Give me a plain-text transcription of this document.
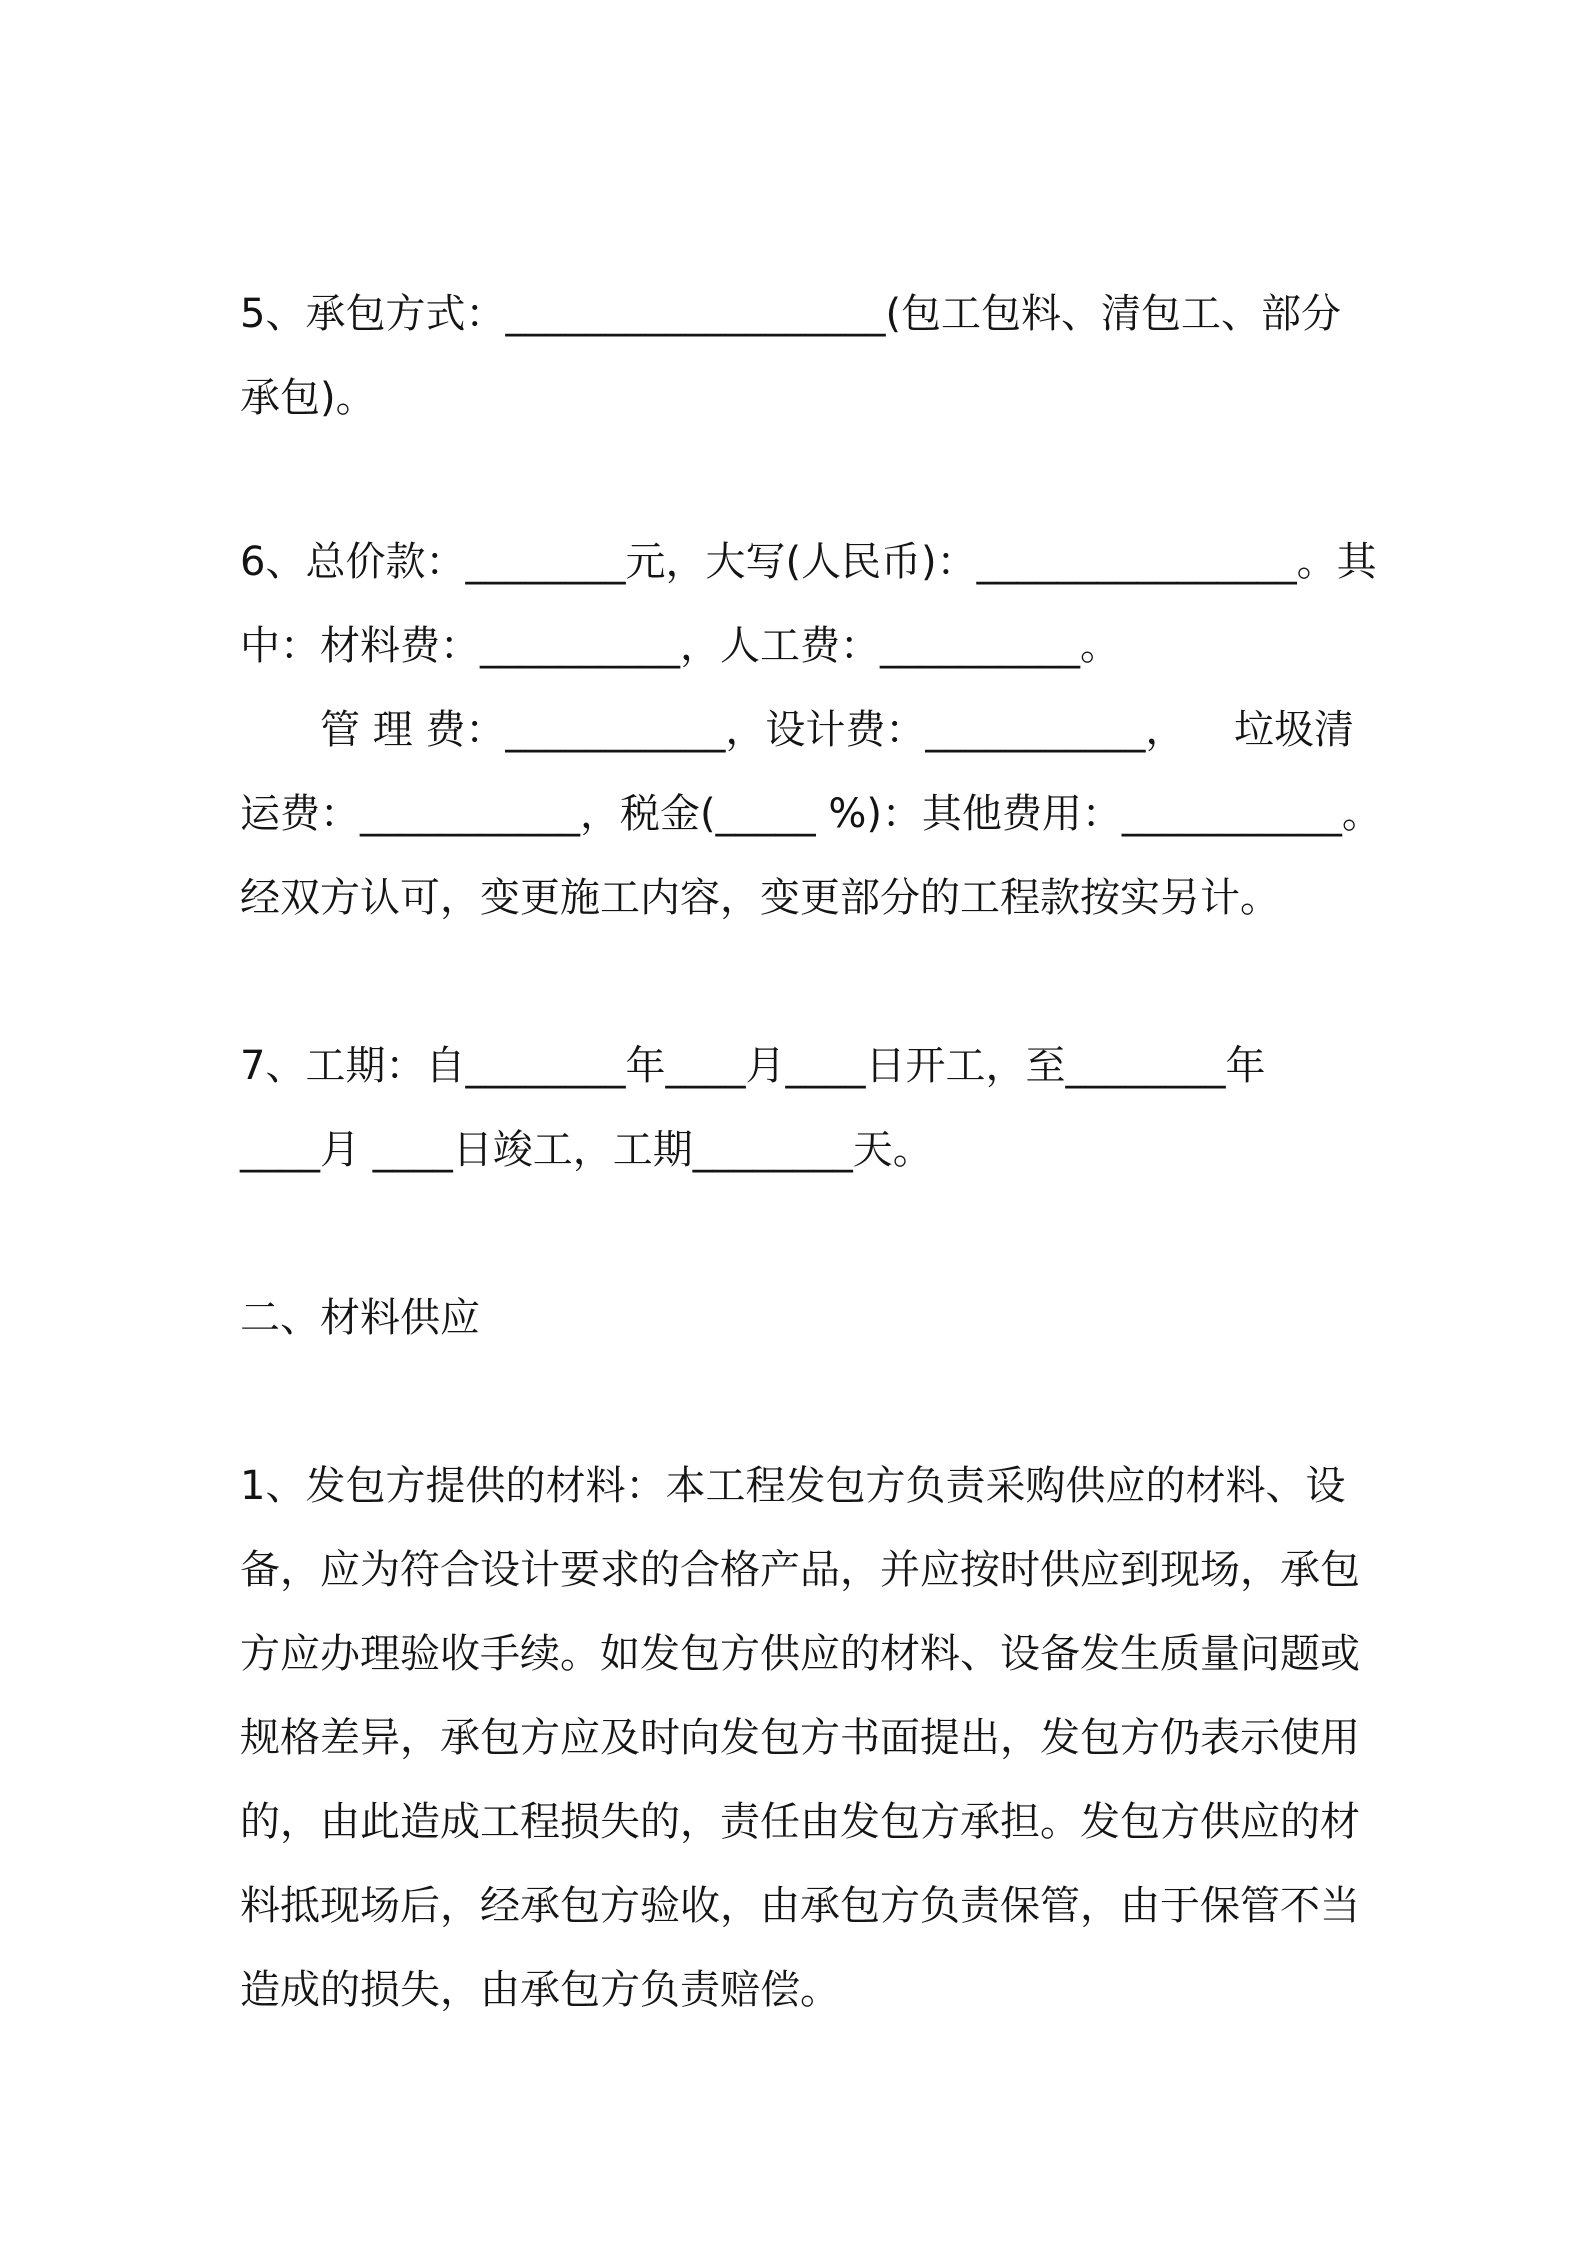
5、承包方式：___________________(包工包料、清包工、部分
承包)。
6、总价款：________元，大写(人民币)：________________。其
中：材料费：__________，人工费：__________。
管 理 费：___________，设计费：___________， 垃圾清
运费：___________，税金(_____ %)：其他费用：___________。
经双方认可，变更施工内容，变更部分的工程款按实另计。
7、工期：自________年____月____日开工，至________年
____月 ____日竣工，工期________天。
二、材料供应
1、发包方提供的材料：本工程发包方负责采购供应的材料、设
备，应为符合设计要求的合格产品，并应按时供应到现场，承包
方应办理验收手续。如发包方供应的材料、设备发生质量问题或
规格差异，承包方应及时向发包方书面提出，发包方仍表示使用
的，由此造成工程损失的，责任由发包方承担。发包方供应的材
料抵现场后，经承包方验收，由承包方负责保管，由于保管不当
造成的损失，由承包方负责赔偿。
